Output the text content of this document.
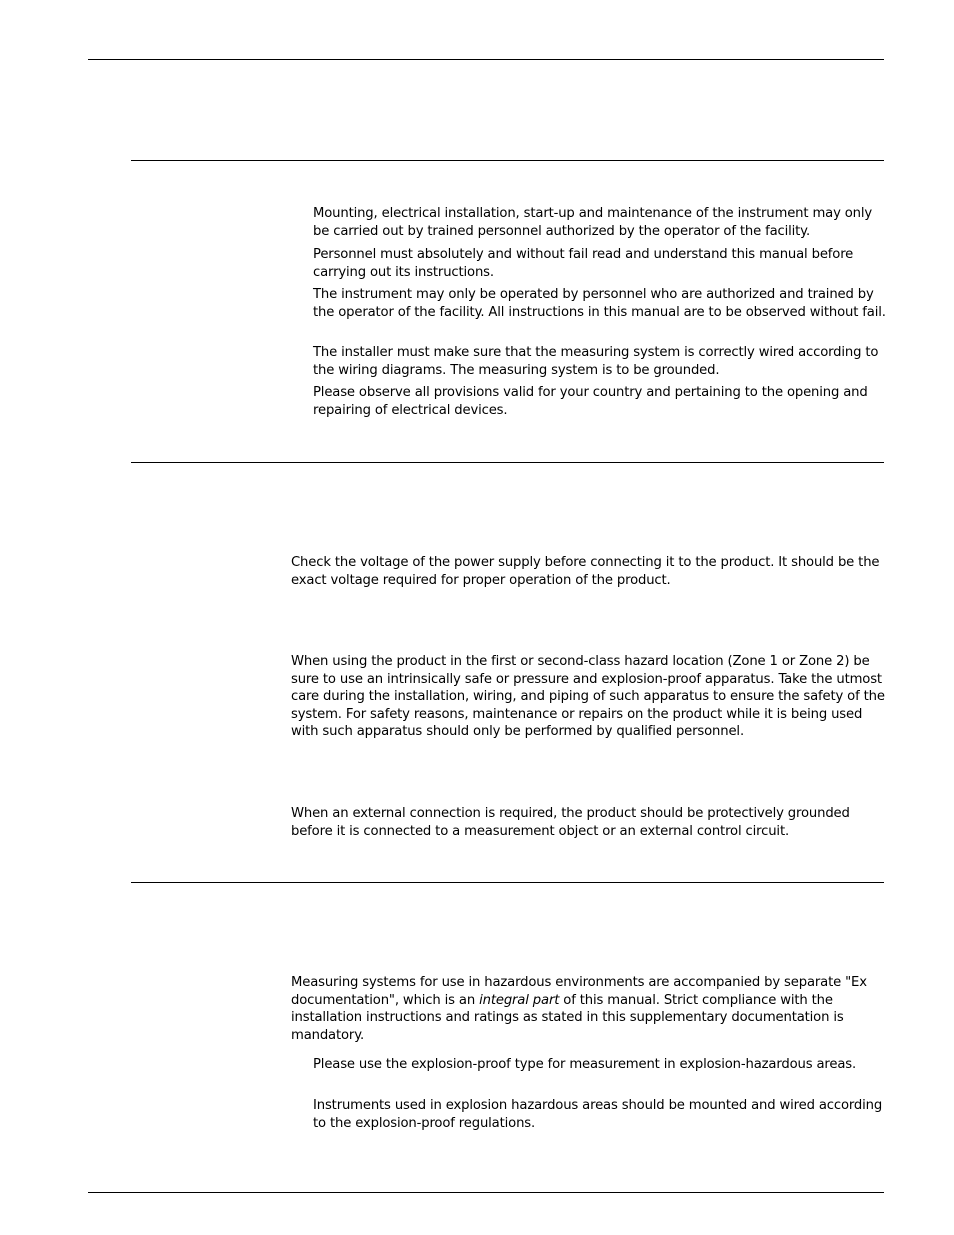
Mounting, electrical installation, start-up and maintenance of the instrument may only be carried out by trained personnel authorized by the operator of the facility.

Personnel must absolutely and without fail read and understand this manual before carrying out its instructions.

The instrument may only be operated by personnel who are authorized and trained by the operator of the facility. All instructions in this manual are to be observed without fail.

The installer must make sure that the measuring system is correctly wired according to the wiring diagrams. The measuring system is to be grounded.

Please observe all provisions valid for your country and pertaining to the opening and repairing of electrical devices.

Check the voltage of the power supply before connecting it to the product. It should be the exact voltage required for proper operation of the product.

When using the product in the first or second-class hazard location (Zone 1 or Zone 2) be sure to use an intrinsically safe or pressure and explosion-proof apparatus. Take the utmost care during the installation, wiring, and piping of such apparatus to ensure the safety of the system. For safety reasons, maintenance or repairs on the product while it is being used with such apparatus should only be performed by qualified personnel.

When an external connection is required, the product should be protectively grounded before it is connected to a measurement object or an external control circuit.

Measuring systems for use in hazardous environments are accompanied by separate "Ex documentation", which is an integral part of this manual. Strict compliance with the installation instructions and ratings as stated in this supplementary documentation is mandatory.

Please use the explosion-proof type for measurement in explosion-hazardous areas.

Instruments used in explosion hazardous areas should be mounted and wired according to the explosion-proof regulations.
